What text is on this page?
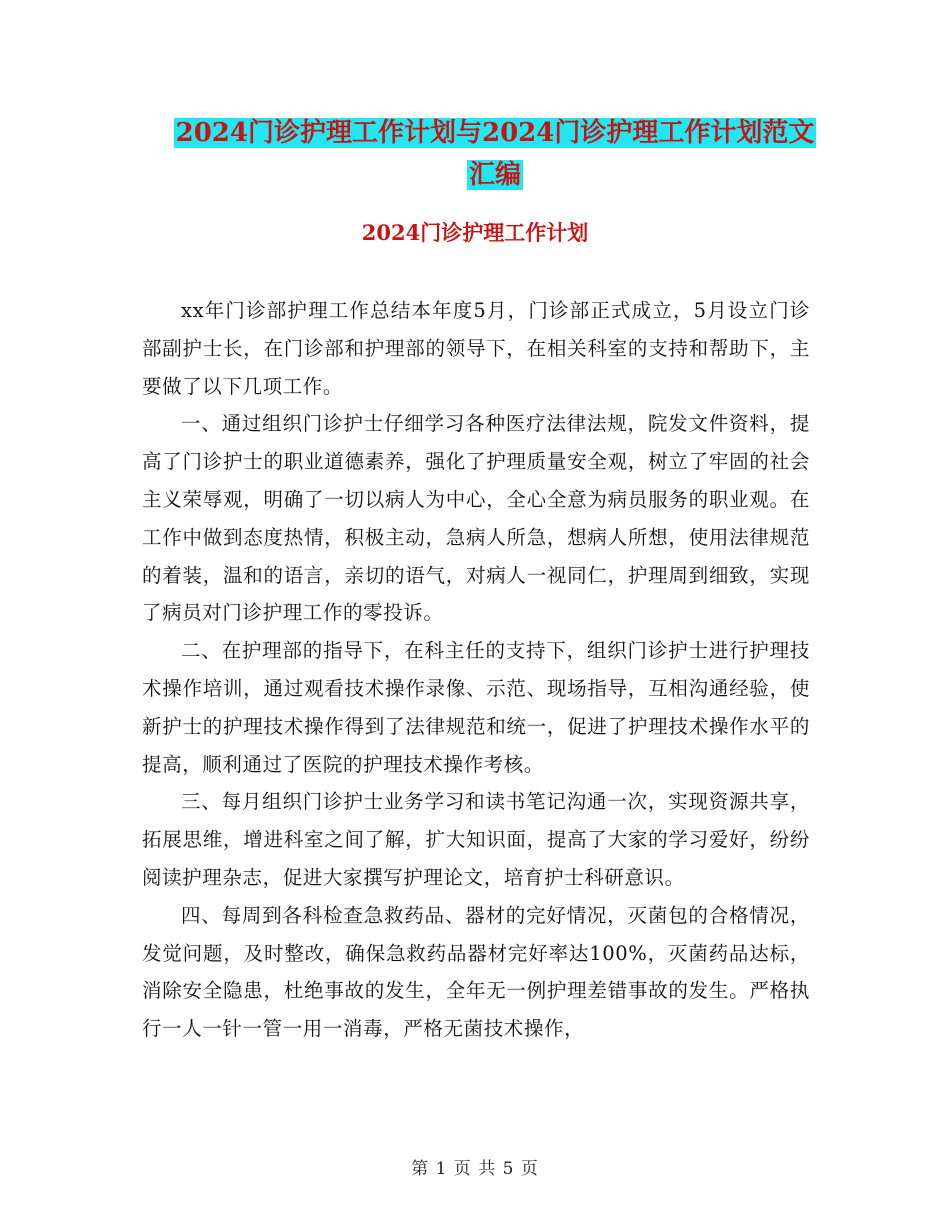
2024门诊护理工作计划与2024门诊护理工作计划范文
汇编
2024门诊护理工作计划

xx年门诊部护理工作总结本年度5月，门诊部正式成立，5月设立门诊部副护士长，在门诊部和护理部的领导下，在相关科室的支持和帮助下，主要做了以下几项工作。

一、通过组织门诊护士仔细学习各种医疗法律法规，院发文件资料，提高了门诊护士的职业道德素养，强化了护理质量安全观，树立了牢固的社会主义荣辱观，明确了一切以病人为中心，全心全意为病员服务的职业观。在工作中做到态度热情，积极主动，急病人所急，想病人所想，使用法律规范的着装，温和的语言，亲切的语气，对病人一视同仁，护理周到细致，实现了病员对门诊护理工作的零投诉。

二、在护理部的指导下，在科主任的支持下，组织门诊护士进行护理技术操作培训，通过观看技术操作录像、示范、现场指导，互相沟通经验，使新护士的护理技术操作得到了法律规范和统一，促进了护理技术操作水平的提高，顺利通过了医院的护理技术操作考核。

三、每月组织门诊护士业务学习和读书笔记沟通一次，实现资源共享，拓展思维，增进科室之间了解，扩大知识面，提高了大家的学习爱好，纷纷阅读护理杂志，促进大家撰写护理论文，培育护士科研意识。

四、每周到各科检查急救药品、器材的完好情况，灭菌包的合格情况，发觉问题，及时整改，确保急救药品器材完好率达100%，灭菌药品达标，消除安全隐患，杜绝事故的发生，全年无一例护理差错事故的发生。严格执行一人一针一管一用一消毒，严格无菌技术操作，

第 1 页 共 5 页
